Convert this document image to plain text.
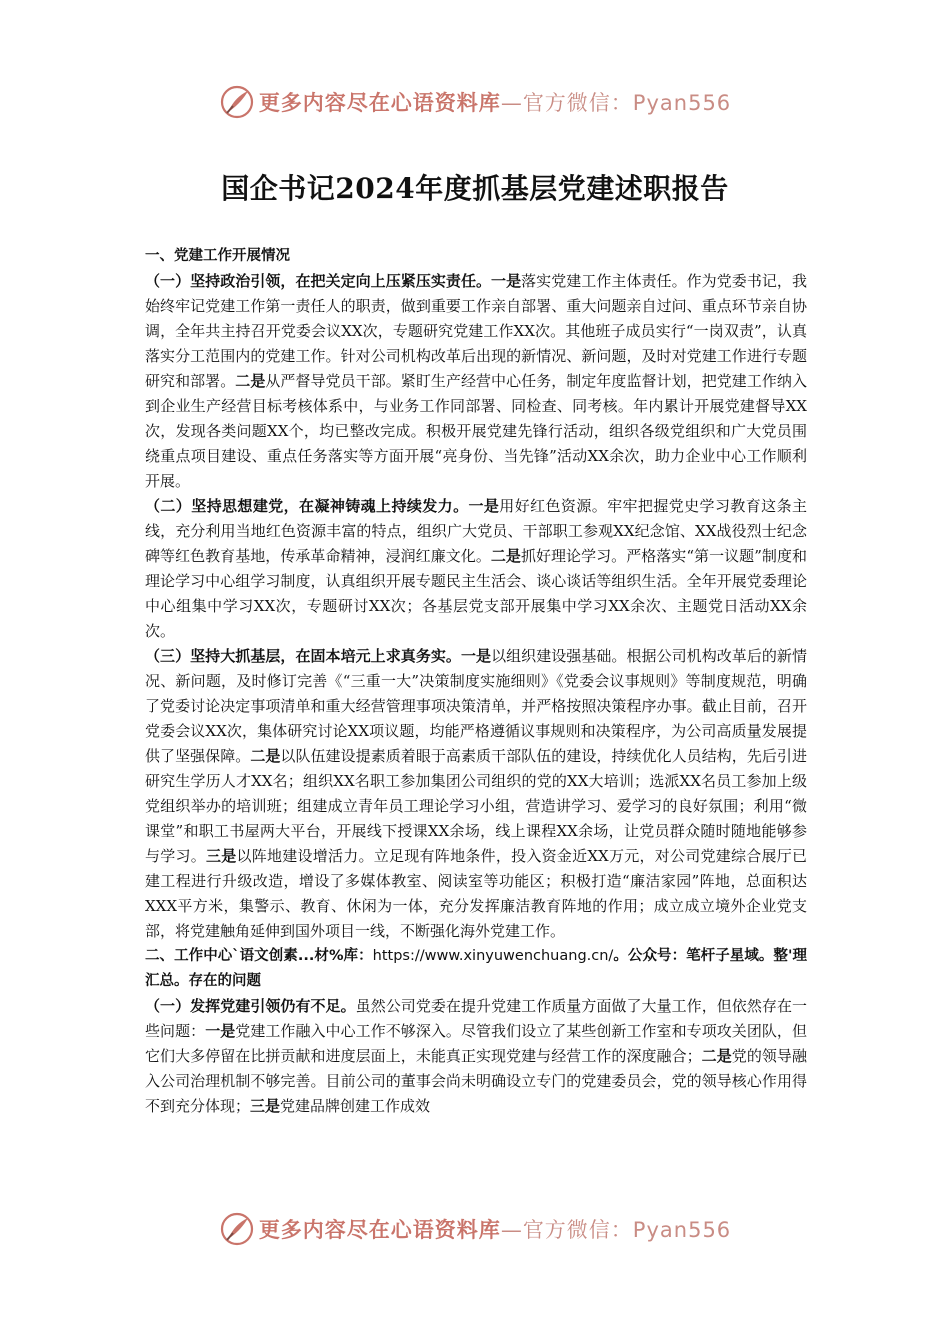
更多内容尽在心语资料库—官方微信：Pyan556
国企书记2024年度抓基层党建述职报告

一、党建工作开展情况

（一）坚持政治引领，在把关定向上压紧压实责任。一是落实党建工作主体责任。作为党委书记，我始终牢记党建工作第一责任人的职责，做到重要工作亲自部署、重大问题亲自过问、重点环节亲自协调，全年共主持召开党委会议XX次，专题研究党建工作XX次。其他班子成员实行“一岗双责”，认真落实分工范围内的党建工作。针对公司机构改革后出现的新情况、新问题，及时对党建工作进行专题研究和部署。二是从严督导党员干部。紧盯生产经营中心任务，制定年度监督计划，把党建工作纳入到企业生产经营目标考核体系中，与业务工作同部署、同检查、同考核。年内累计开展党建督导XX次，发现各类问题XX个，均已整改完成。积极开展党建先锋行活动，组织各级党组织和广大党员围绕重点项目建设、重点任务落实等方面开展“亮身份、当先锋”活动XX余次，助力企业中心工作顺利开展。

（二）坚持思想建党，在凝神铸魂上持续发力。一是用好红色资源。牢牢把握党史学习教育这条主线，充分利用当地红色资源丰富的特点，组织广大党员、干部职工参观XX纪念馆、XX战役烈士纪念碑等红色教育基地，传承革命精神，浸润红廉文化。二是抓好理论学习。严格落实“第一议题”制度和理论学习中心组学习制度，认真组织开展专题民主生活会、谈心谈话等组织生活。全年开展党委理论中心组集中学习XX次，专题研讨XX次；各基层党支部开展集中学习XX余次、主题党日活动XX余次。

（三）坚持大抓基层，在固本培元上求真务实。一是以组织建设强基础。根据公司机构改革后的新情况、新问题，及时修订完善《“三重一大”决策制度实施细则》《党委会议事规则》等制度规范，明确了党委讨论决定事项清单和重大经营管理事项决策清单，并严格按照决策程序办事。截止目前，召开党委会议XX次，集体研究讨论XX项议题，均能严格遵循议事规则和决策程序，为公司高质量发展提供了坚强保障。二是以队伍建设提素质着眼于高素质干部队伍的建设，持续优化人员结构，先后引进研究生学历人才XX名；组织XX名职工参加集团公司组织的党的XX大培训；选派XX名员工参加上级党组织举办的培训班；组建成立青年员工理论学习小组，营造讲学习、爱学习的良好氛围；利用“微课堂”和职工书屋两大平台，开展线下授课XX余场，线上课程XX余场，让党员群众随时随地能够参与学习。三是以阵地建设增活力。立足现有阵地条件，投入资金近XX万元，对公司党建综合展厅已建工程进行升级改造，增设了多媒体教室、阅读室等功能区；积极打造“廉洁家园”阵地，总面积达XXX平方米，集警示、教育、休闲为一体，充分发挥廉洁教育阵地的作用；成立成立境外企业党支部，将党建触角延伸到国外项目一线，不断强化海外党建工作。

二、工作中心`语文创素...材%库：https://www.xinyuwenchuang.cn/。公众号：笔杆子星域。整'理汇总。存在的问题

（一）发挥党建引领仍有不足。虽然公司党委在提升党建工作质量方面做了大量工作，但依然存在一些问题：一是党建工作融入中心工作不够深入。尽管我们设立了某些创新工作室和专项攻关团队，但它们大多停留在比拼贡献和进度层面上，未能真正实现党建与经营工作的深度融合；二是党的领导融入公司治理机制不够完善。目前公司的董事会尚未明确设立专门的党建委员会，党的领导核心作用得不到充分体现；三是党建品牌创建工作成效

更多内容尽在心语资料库—官方微信：Pyan556
